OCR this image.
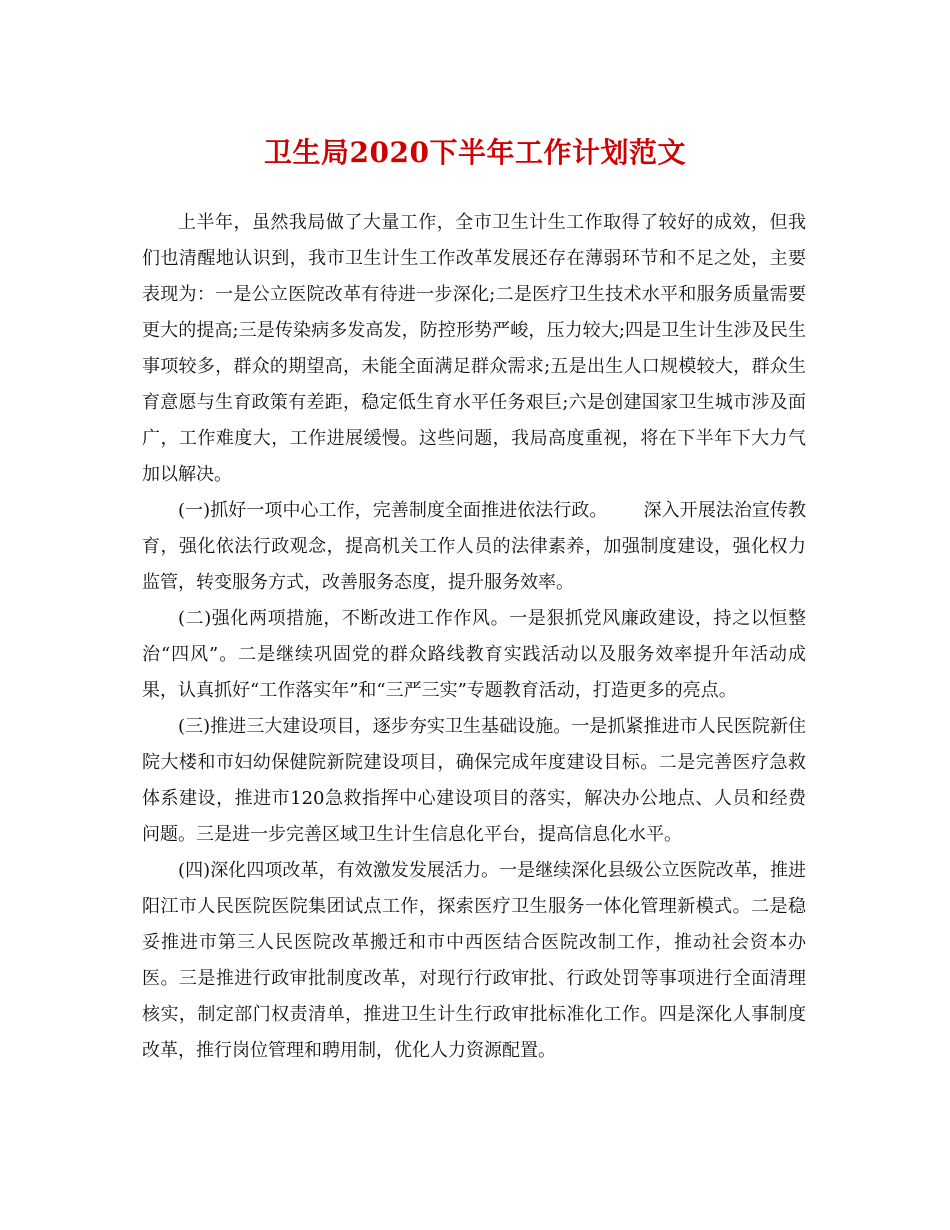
卫生局2020下半年工作计划范文

上半年，虽然我局做了大量工作，全市卫生计生工作取得了较好的成效，但我们也清醒地认识到，我市卫生计生工作改革发展还存在薄弱环节和不足之处，主要表现为：一是公立医院改革有待进一步深化;二是医疗卫生技术水平和服务质量需要更大的提高;三是传染病多发高发，防控形势严峻，压力较大;四是卫生计生涉及民生事项较多，群众的期望高，未能全面满足群众需求;五是出生人口规模较大，群众生育意愿与生育政策有差距，稳定低生育水平任务艰巨;六是创建国家卫生城市涉及面广，工作难度大，工作进展缓慢。这些问题，我局高度重视，将在下半年下大力气加以解决。

(一)抓好一项中心工作，完善制度全面推进依法行政。 深入开展法治宣传教育，强化依法行政观念，提高机关工作人员的法律素养，加强制度建设，强化权力监管，转变服务方式，改善服务态度，提升服务效率。

(二)强化两项措施，不断改进工作作风。一是狠抓党风廉政建设，持之以恒整治“四风”。二是继续巩固党的群众路线教育实践活动以及服务效率提升年活动成果，认真抓好“工作落实年”和“三严三实”专题教育活动，打造更多的亮点。

(三)推进三大建设项目，逐步夯实卫生基础设施。一是抓紧推进市人民医院新住院大楼和市妇幼保健院新院建设项目，确保完成年度建设目标。二是完善医疗急救体系建设，推进市120急救指挥中心建设项目的落实，解决办公地点、人员和经费问题。三是进一步完善区域卫生计生信息化平台，提高信息化水平。

(四)深化四项改革，有效激发发展活力。一是继续深化县级公立医院改革，推进阳江市人民医院医院集团试点工作，探索医疗卫生服务一体化管理新模式。二是稳妥推进市第三人民医院改革搬迁和市中西医结合医院改制工作，推动社会资本办医。三是推进行政审批制度改革，对现行行政审批、行政处罚等事项进行全面清理核实，制定部门权责清单，推进卫生计生行政审批标准化工作。四是深化人事制度改革，推行岗位管理和聘用制，优化人力资源配置。
